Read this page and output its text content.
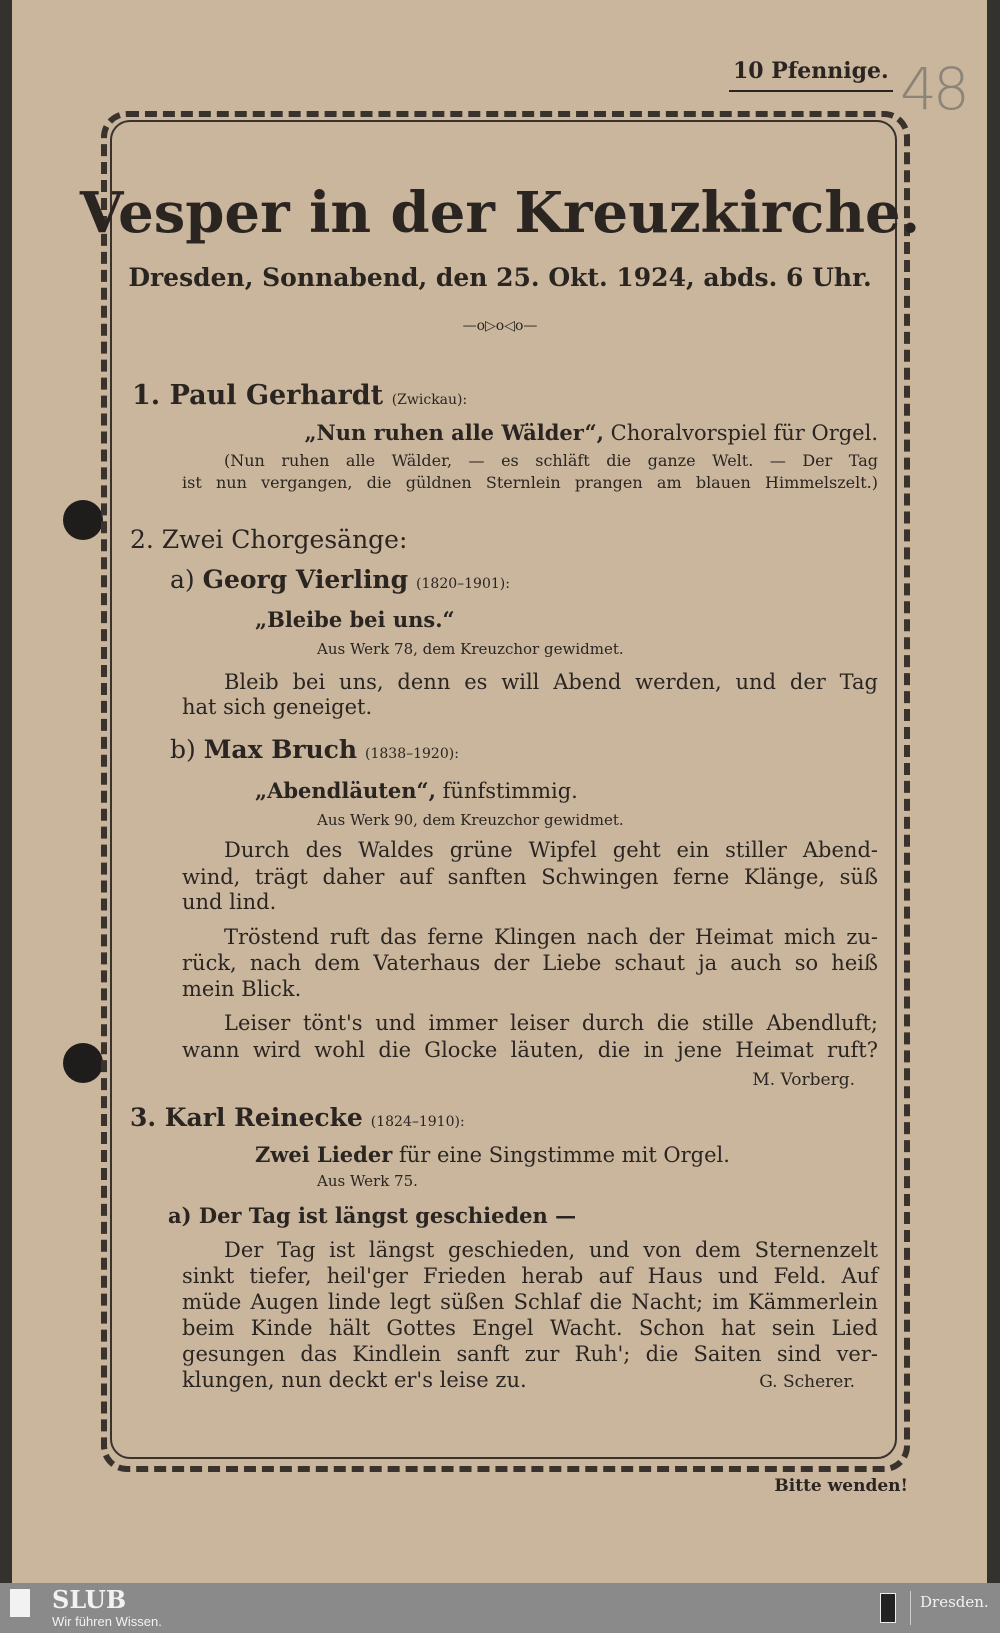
10 Pfennige. 48
Vesper in der Kreuzkirche.
Dresden, Sonnabend, den 25. Okt. 1924, abds. 6 Uhr.
—o▷o◁o—
1. Paul Gerhardt (Zwickau):
„Nun ruhen alle Wälder“, Choralvorspiel für Orgel.
(Nun ruhen alle Wälder, — es schläft die ganze Welt. — Der Tag
ist nun vergangen, die güldnen Sternlein prangen am blauen Himmelszelt.)
2. Zwei Chorgesänge:
a) Georg Vierling (1820–1901):
„Bleibe bei uns.“
Aus Werk 78, dem Kreuzchor gewidmet.
Bleib bei uns, denn es will Abend werden, und der Tag
hat sich geneiget.
b) Max Bruch (1838–1920):
„Abendläuten“, fünfstimmig.
Aus Werk 90, dem Kreuzchor gewidmet.
Durch des Waldes grüne Wipfel geht ein stiller Abend-
wind, trägt daher auf sanften Schwingen ferne Klänge, süß
und lind.
Tröstend ruft das ferne Klingen nach der Heimat mich zu-
rück, nach dem Vaterhaus der Liebe schaut ja auch so heiß
mein Blick.
Leiser tönt's und immer leiser durch die stille Abendluft;
wann wird wohl die Glocke läuten, die in jene Heimat ruft?
M. Vorberg.
3. Karl Reinecke (1824–1910):
Zwei Lieder für eine Singstimme mit Orgel.
Aus Werk 75.
a) Der Tag ist längst geschieden —
Der Tag ist längst geschieden, und von dem Sternenzelt
sinkt tiefer, heil'ger Frieden herab auf Haus und Feld. Auf
müde Augen linde legt süßen Schlaf die Nacht; im Kämmerlein
beim Kinde hält Gottes Engel Wacht. Schon hat sein Lied
gesungen das Kindlein sanft zur Ruh'; die Saiten sind ver-
klungen, nun deckt er's leise zu.	G. Scherer.
Bitte wenden!
SLUB
Wir führen Wissen.
Dresden.
